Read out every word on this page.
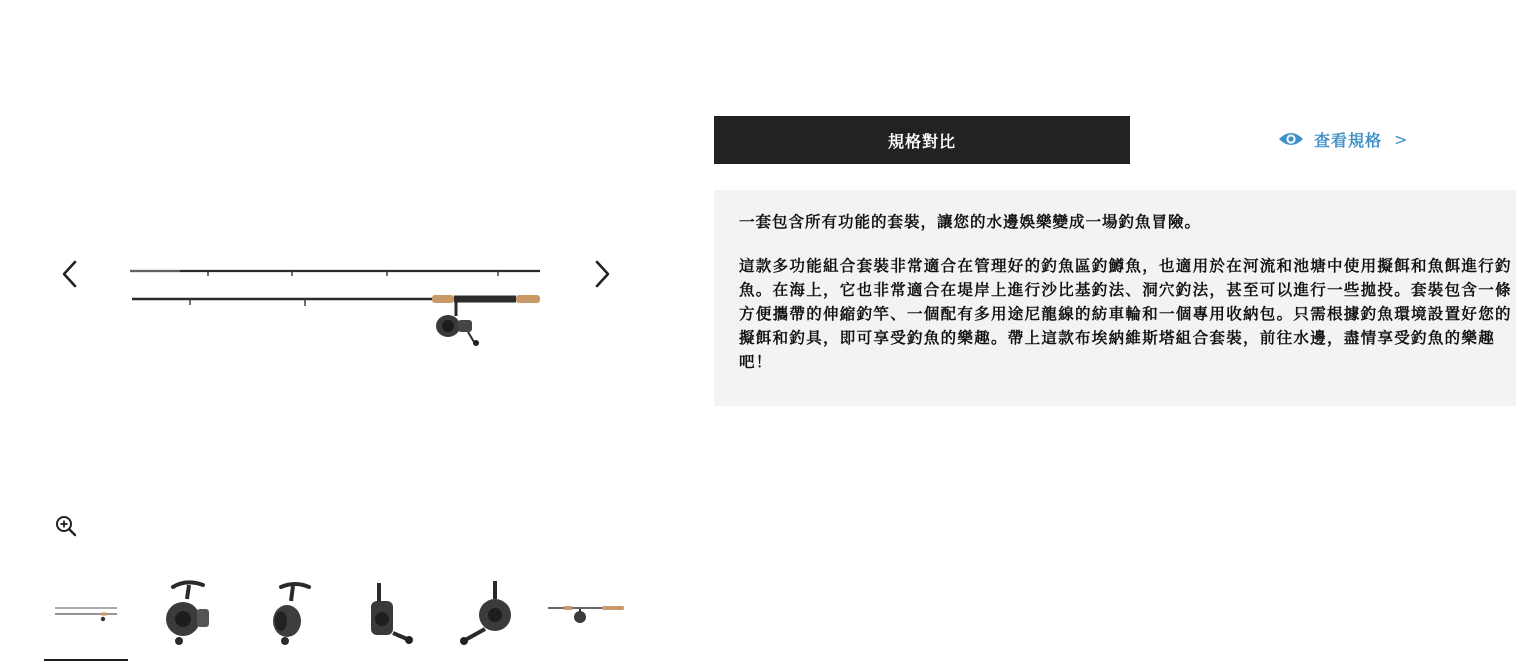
規格對比	查看規格 >

一套包含所有功能的套裝，讓您的水邊娛樂變成一場釣魚冒險。

這款多功能組合套裝非常適合在管理好的釣魚區釣鱒魚，也適用於在河流和池塘中使用擬餌和魚餌進行釣魚。在海上，它也非常適合在堤岸上進行沙比基釣法、洞穴釣法，甚至可以進行一些拋投。套裝包含一條方便攜帶的伸縮釣竿、一個配有多用途尼龍線的紡車輪和一個專用收納包。只需根據釣魚環境設置好您的擬餌和釣具，即可享受釣魚的樂趣。帶上這款布埃納維斯塔組合套裝，前往水邊，盡情享受釣魚的樂趣吧！
